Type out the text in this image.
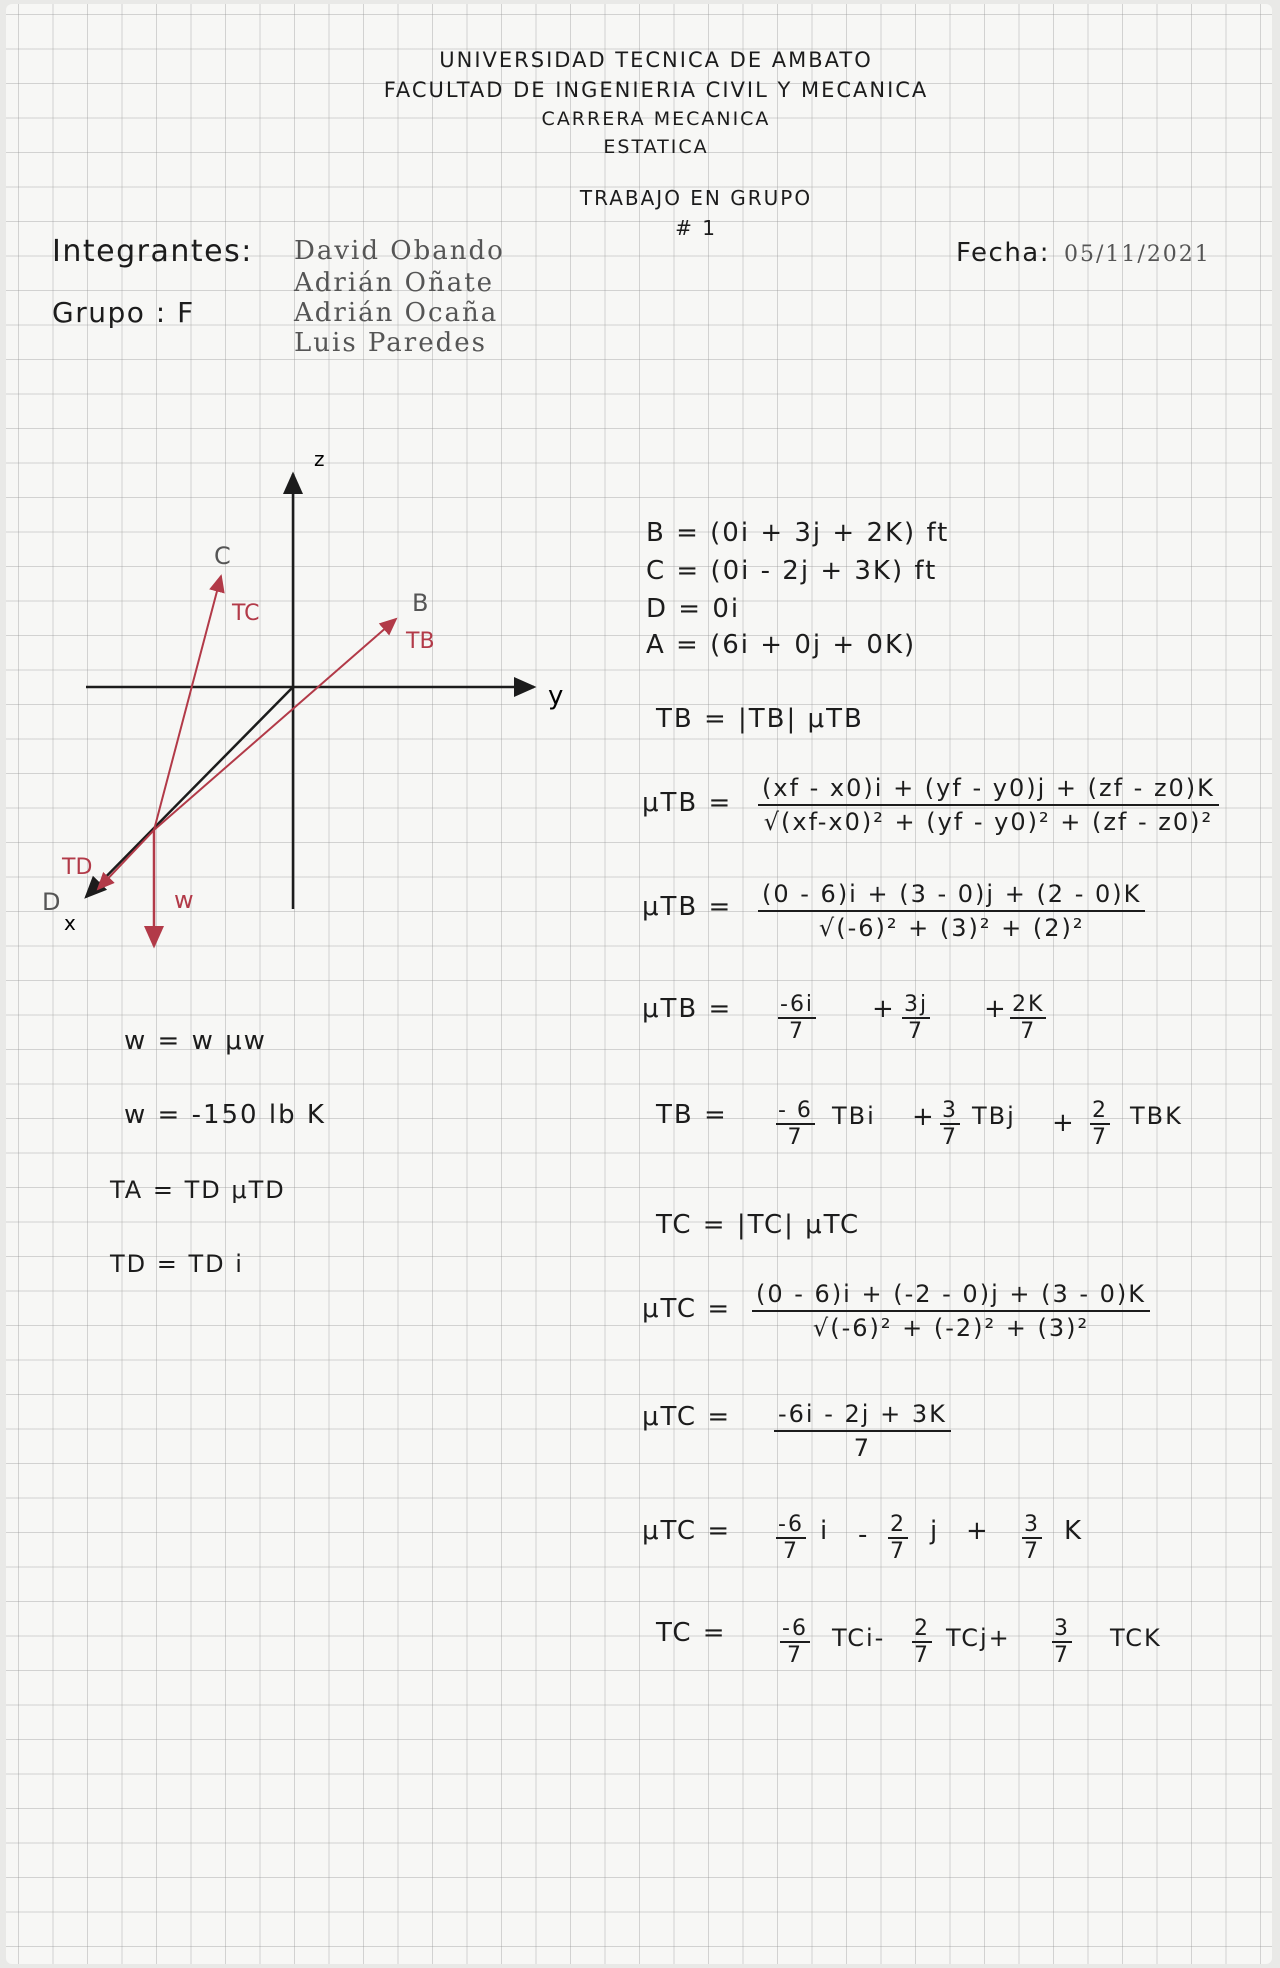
UNIVERSIDAD TECNICA DE AMBATO
FACULTAD DE INGENIERIA CIVIL Y MECANICA
CARRERA MECANICA
ESTATICA
TRABAJO EN GRUPO
# 1
Integrantes: David Obando
Adrián Oñate
Adrián Ocaña
Luis Paredes
Grupo : F
Fecha: 05/11/2021
z
y
x
B
C
D
TB
TC
TD
w
w = w μw
w = -150 lb K
TA = TD μTD
TD = TD i
B = (0i + 3j + 2K) ft
C = (0i - 2j + 3K) ft
D = 0i
A = (6i + 0j + 0K)
TB = |TB| μTB
$\mu TB = \frac{(xf - x0)i + (yf - y0)j + (zf - z0)K}{\text{√(xf-x0)² + (yf - y0)² + (zf - z0)²}}$
$\mu TB = \frac{(0 - 6)i + (3 - 0)j + (2 - 0)K}{\text{√(-6)² + (3)² + (2)²}}$
$\mu TB = \frac{-6i}{7} + \frac{3j}{7} + \frac{2K}{7}$
TB = $\frac{- 6}{7}$ TBi + $\frac{3}{7}$ TBj + $\frac{2}{7}$ TBK
TC = |TC| μTC
$\mu TC = \frac{(0 - 6)i + (-2 - 0)j + (3 - 0)K}{\text{√(-6)² + (-2)² + (3)²}}$
$\mu TC = \frac{-6i - 2j + 3K}{7}$
$\mu TC = \frac{-6}{7}$ i - $\frac{2}{7}$ $j + \frac{3}{7}$ K
TC = $\frac{-6}{7} TCi- \frac{2}{7} TCj+ \frac{3}{7}$ TCK
